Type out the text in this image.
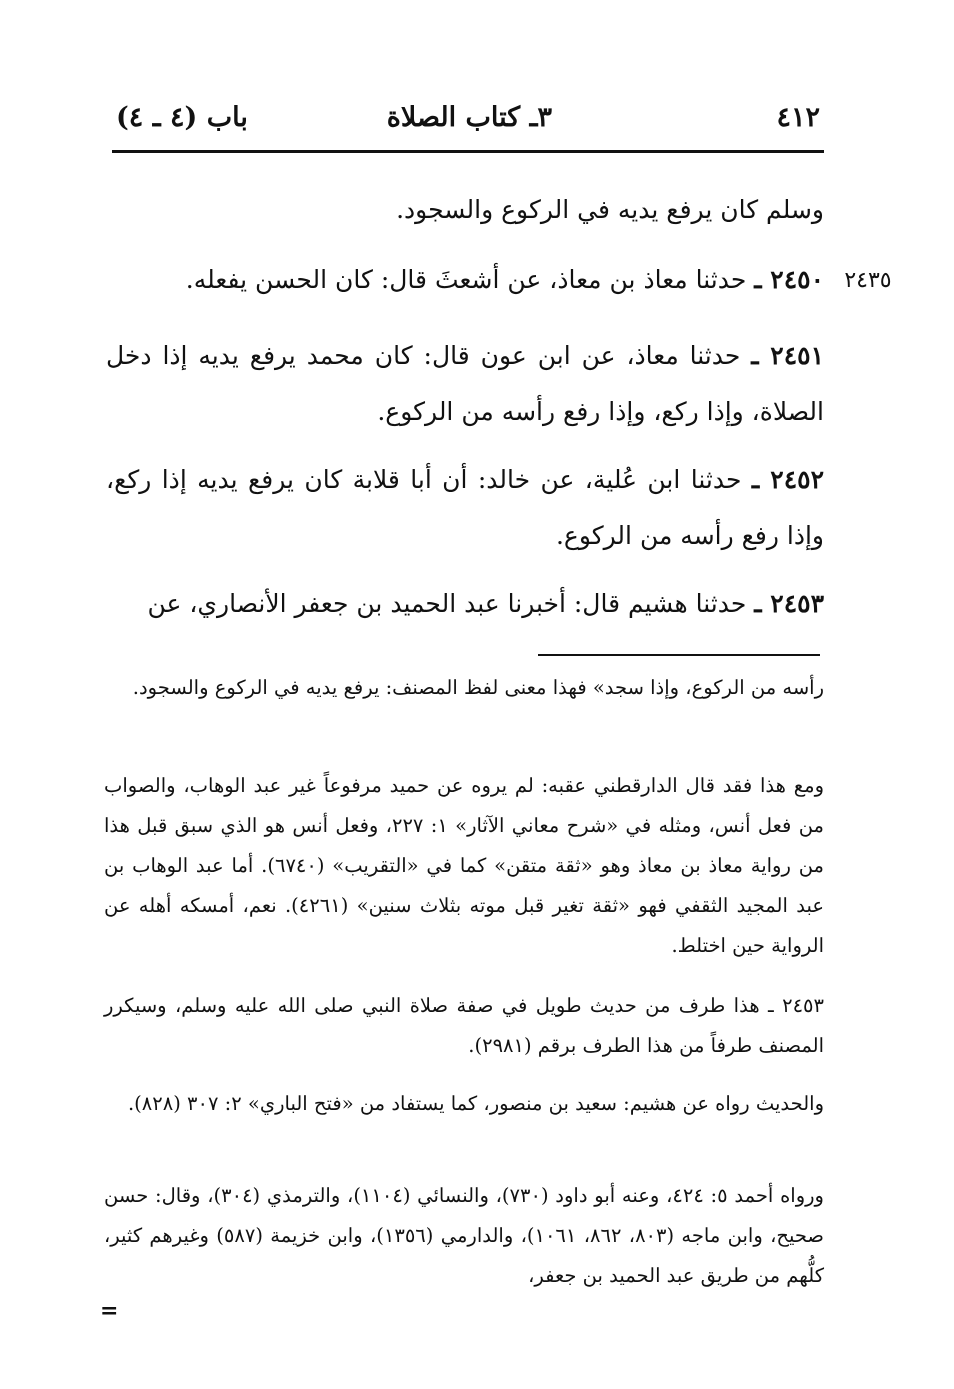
٤١٢
٣ـ كتاب الصلاة
باب (٤ ـ ٤)
وسلم كان يرفع يديه في الركوع والسجود.
٢٤٣٥
٢٤٥٠ ـ حدثنا معاذ بن معاذ، عن أشعثَ قال: كان الحسن يفعله.
٢٤٥١ ـ حدثنا معاذ، عن ابن عون قال: كان محمد يرفع يديه إذا دخل الصلاة، وإذا ركع، وإذا رفع رأسه من الركوع.
٢٤٥٢ ـ حدثنا ابن عُلية، عن خالد: أن أبا قلابة كان يرفع يديه إذا ركع، وإذا رفع رأسه من الركوع.
٢٤٥٣ ـ حدثنا هشيم قال: أخبرنا عبد الحميد بن جعفر الأنصاري، عن
رأسه من الركوع، وإذا سجد» فهذا معنى لفظ المصنف: يرفع يديه في الركوع والسجود.
ومع هذا فقد قال الدارقطني عقبه: لم يروه عن حميد مرفوعاً غير عبد الوهاب، والصواب من فعل أنس، ومثله في «شرح معاني الآثار» ١: ٢٢٧، وفعل أنس هو الذي سبق قبل هذا من رواية معاذ بن معاذ وهو «ثقة متقن» كما في «التقريب» (٦٧٤٠). أما عبد الوهاب بن عبد المجيد الثقفي فهو «ثقة تغير قبل موته بثلاث سنين» (٤٢٦١). نعم، أمسكه أهله عن الرواية حين اختلط.
٢٤٥٣ ـ هذا طرف من حديث طويل في صفة صلاة النبي صلى الله عليه وسلم، وسيكرر المصنف طرفاً من هذا الطرف برقم (٢٩٨١).
والحديث رواه عن هشيم: سعيد بن منصور، كما يستفاد من «فتح الباري» ٢: ٣٠٧ (٨٢٨).
ورواه أحمد ٥: ٤٢٤، وعنه أبو داود (٧٣٠)، والنسائي (١١٠٤)، والترمذي (٣٠٤)، وقال: حسن صحيح، وابن ماجه (٨٠٣، ٨٦٢، ١٠٦١)، والدارمي (١٣٥٦)، وابن خزيمة (٥٨٧) وغيرهم كثير، كلُّهم من طريق عبد الحميد بن جعفر،
=
